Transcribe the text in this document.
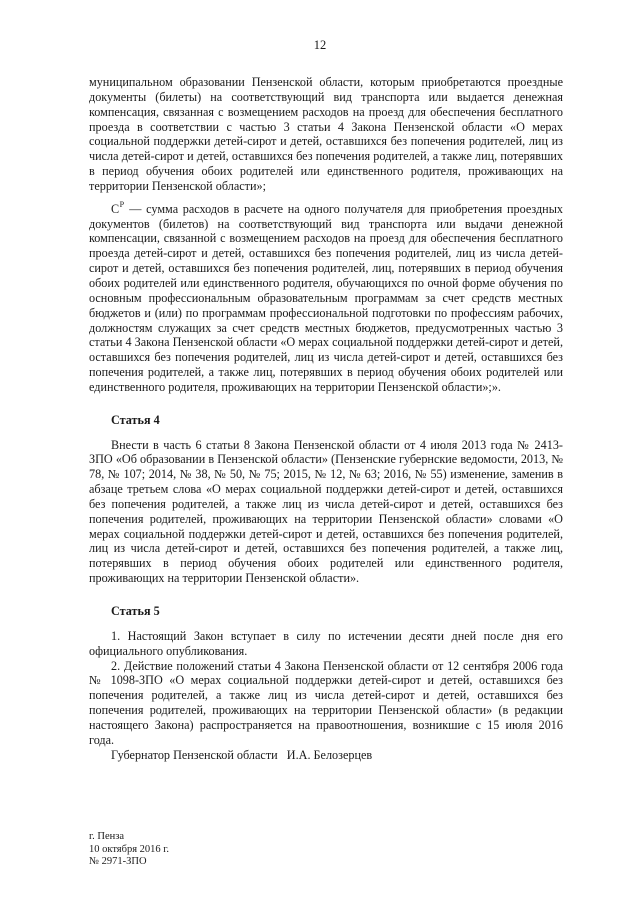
12

муниципальном образовании Пензенской области, которым приобретаются проездные документы (билеты) на соответствующий вид транспорта или выдается денежная компенсация, связанная с возмещением расходов на проезд для обеспечения бесплатного проезда в соответствии с частью 3 статьи 4 Закона Пензенской области «О мерах социальной поддержки детей-сирот и детей, оставшихся без попечения родителей, лиц из числа детей-сирот и детей, оставшихся без попечения родителей, а также лиц, потерявших в период обучения обоих родителей или единственного родителя, проживающих на территории Пензенской области»;

$C^P$ — сумма расходов в расчете на одного получателя для приобретения проездных документов (билетов) на соответствующий вид транспорта или выдачи денежной компенсации, связанной с возмещением расходов на проезд для обеспечения бесплатного проезда детей-сирот и детей, оставшихся без попечения родителей, лиц из числа детей-сирот и детей, оставшихся без попечения родителей, лиц, потерявших в период обучения обоих родителей или единственного родителя, обучающихся по очной форме обучения по основным профессиональным образовательным программам за счет средств местных бюджетов и (или) по программам профессиональной подготовки по профессиям рабочих, должностям служащих за счет средств местных бюджетов, предусмотренных частью 3 статьи 4 Закона Пензенской области «О мерах социальной поддержки детей-сирот и детей, оставшихся без попечения родителей, лиц из числа детей-сирот и детей, оставшихся без попечения родителей, а также лиц, потерявших в период обучения обоих родителей или единственного родителя, проживающих на территории Пензенской области»;».

Статья 4

Внести в часть 6 статьи 8 Закона Пензенской области от 4 июля 2013 года № 2413-ЗПО «Об образовании в Пензенской области» (Пензенские губернские ведомости, 2013, № 78, № 107; 2014, № 38, № 50, № 75; 2015, № 12, № 63; 2016, № 55) изменение, заменив в абзаце третьем слова «О мерах социальной поддержки детей-сирот и детей, оставшихся без попечения родителей, а также лиц из числа детей-сирот и детей, оставшихся без попечения родителей, проживающих на территории Пензенской области» словами «О мерах социальной поддержки детей-сирот и детей, оставшихся без попечения родителей, лиц из числа детей-сирот и детей, оставшихся без попечения родителей, а также лиц, потерявших в период обучения обоих родителей или единственного родителя, проживающих на территории Пензенской области».

Статья 5

1. Настоящий Закон вступает в силу по истечении десяти дней после дня его официального опубликования.

2. Действие положений статьи 4 Закона Пензенской области от 12 сентября 2006 года № 1098-ЗПО «О мерах социальной поддержки детей-сирот и детей, оставшихся без попечения родителей, а также лиц из числа детей-сирот и детей, оставшихся без попечения родителей, проживающих на территории Пензенской области» (в редакции настоящего Закона) распространяется на правоотношения, возникшие с 15 июля 2016 года.

Губернатор Пензенской области   И.А. Белозерцев

г. Пенза
10 октября 2016 г.
№ 2971-ЗПО
